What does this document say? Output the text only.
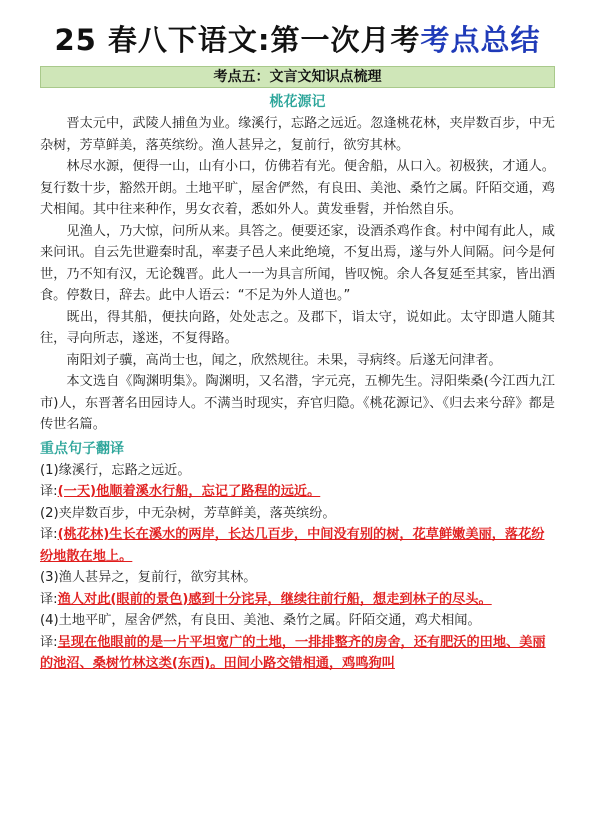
25 春八下语文:第一次月考考点总结
考点五：文言文知识点梳理
桃花源记

晋太元中，武陵人捕鱼为业。缘溪行，忘路之远近。忽逢桃花林，夹岸数百步，中无杂树，芳草鲜美，落英缤纷。渔人甚异之，复前行，欲穷其林。

林尽水源，便得一山，山有小口，仿佛若有光。便舍船，从口入。初极狭，才通人。复行数十步，豁然开朗。土地平旷，屋舍俨然，有良田、美池、桑竹之属。阡陌交通，鸡犬相闻。其中往来种作，男女衣着，悉如外人。黄发垂髫，并怡然自乐。

见渔人，乃大惊，问所从来。具答之。便要还家，设酒杀鸡作食。村中闻有此人，咸来问讯。自云先世避秦时乱，率妻子邑人来此绝境，不复出焉，遂与外人间隔。问今是何世，乃不知有汉，无论魏晋。此人一一为具言所闻，皆叹惋。余人各复延至其家，皆出酒食。停数日，辞去。此中人语云：“不足为外人道也。”

既出，得其船，便扶向路，处处志之。及郡下，诣太守，说如此。太守即遣人随其往，寻向所志，遂迷，不复得路。

南阳刘子骥，高尚士也，闻之，欣然规往。未果，寻病终。后遂无问津者。

本文选自《陶渊明集》。陶渊明，又名潜，字元亮，五柳先生。浔阳柴桑(今江西九江市)人，东晋著名田园诗人。不满当时现实，弃官归隐。《桃花源记》、《归去来兮辞》都是传世名篇。

重点句子翻译

(1)缘溪行，忘路之远近。

译:(一天)他顺着溪水行船，忘记了路程的远近。

(2)夹岸数百步，中无杂树，芳草鲜美，落英缤纷。

译:(桃花林)生长在溪水的两岸，长达几百步，中间没有别的树，花草鲜嫩美丽，落花纷纷地散在地上。

(3)渔人甚异之，复前行，欲穷其林。

译:渔人对此(眼前的景色)感到十分诧异，继续往前行船，想走到林子的尽头。

(4)土地平旷，屋舍俨然，有良田、美池、桑竹之属。阡陌交通，鸡犬相闻。

译:呈现在他眼前的是一片平坦宽广的土地，一排排整齐的房舍，还有肥沃的田地、美丽的池沼、桑树竹林这类(东西)。田间小路交错相通，鸡鸣狗叫
